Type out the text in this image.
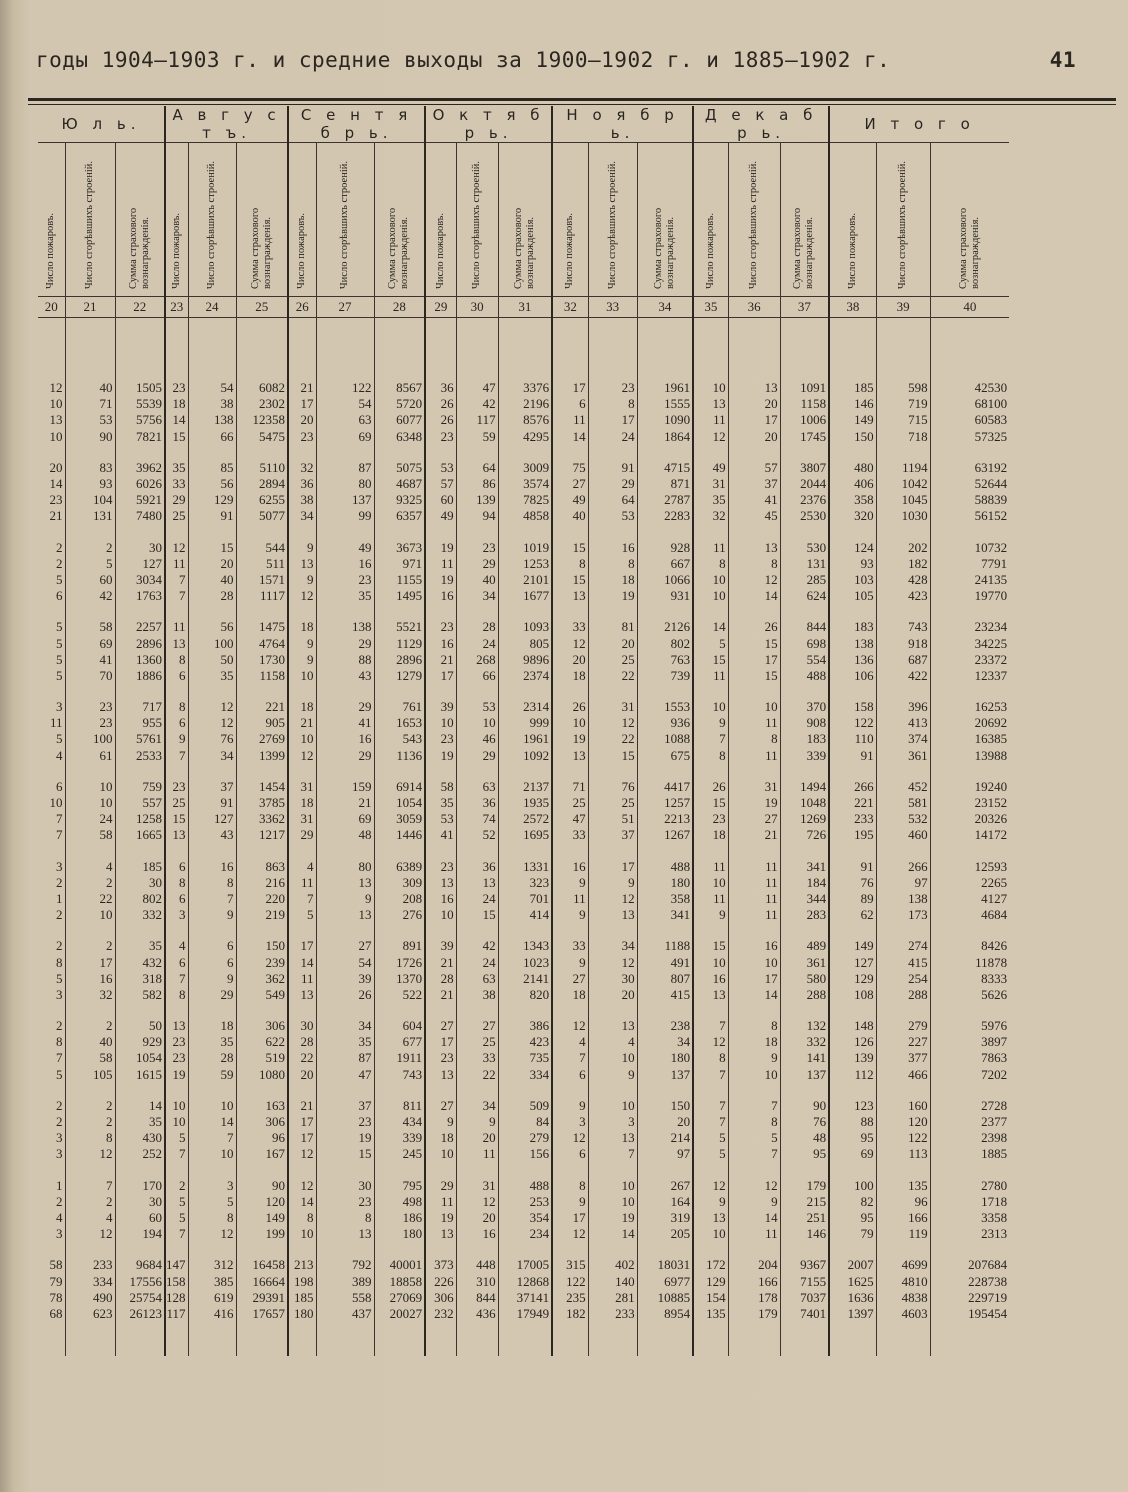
годы 1904—1903 г. и средние выходы за 1900—1902 г. и 1885—1902 г.	41
Ю л ь.			А в г у с т ъ.			С е н т я б р ь.			О к т я б р ь.			Н о я б р ь.			Д е к а б р ь.			И т о г о		
Число пожаровъ.	Число сгорѣвшихъ строеній.	Сумма страхового вознагражденія.	Число пожаровъ.	Число сгорѣвшихъ строеній.	Сумма страхового вознагражденія.	Число пожаровъ.	Число сгорѣвшихъ строеній.	Сумма страхового вознагражденія.	Число пожаровъ.	Число сгорѣвшихъ строеній.	Сумма страхового вознагражденія.	Число пожаровъ.	Число сгорѣвшихъ строеній.	Сумма страхового вознагражденія.	Число пожаровъ.	Число сгорѣвшихъ строеній.	Сумма страхового вознагражденія.	Число пожаровъ.	Число сгорѣвшихъ строеній.	Сумма страхового вознагражденія.
20	21	22	23	24	25	26	27	28	29	30	31	32	33	34	35	36	37	38	39	40

12	40	1505	23	54	6082	21	122	8567	36	47	3376	17	23	1961	10	13	1091	185	598	42530
10	71	5539	18	38	2302	17	54	5720	26	42	2196	6	8	1555	13	20	1158	146	719	68100
13	53	5756	14	138	12358	20	63	6077	26	117	8576	11	17	1090	11	17	1006	149	715	60583
10	90	7821	15	66	5475	23	69	6348	23	59	4295	14	24	1864	12	20	1745	150	718	57325

20	83	3962	35	85	5110	32	87	5075	53	64	3009	75	91	4715	49	57	3807	480	1194	63192
14	93	6026	33	56	2894	36	80	4687	57	86	3574	27	29	871	31	37	2044	406	1042	52644
23	104	5921	29	129	6255	38	137	9325	60	139	7825	49	64	2787	35	41	2376	358	1045	58839
21	131	7480	25	91	5077	34	99	6357	49	94	4858	40	53	2283	32	45	2530	320	1030	56152

2	2	30	12	15	544	9	49	3673	19	23	1019	15	16	928	11	13	530	124	202	10732
2	5	127	11	20	511	13	16	971	11	29	1253	8	8	667	8	8	131	93	182	7791
5	60	3034	7	40	1571	9	23	1155	19	40	2101	15	18	1066	10	12	285	103	428	24135
6	42	1763	7	28	1117	12	35	1495	16	34	1677	13	19	931	10	14	624	105	423	19770

5	58	2257	11	56	1475	18	138	5521	23	28	1093	33	81	2126	14	26	844	183	743	23234
5	69	2896	13	100	4764	9	29	1129	16	24	805	12	20	802	5	15	698	138	918	34225
5	41	1360	8	50	1730	9	88	2896	21	268	9896	20	25	763	15	17	554	136	687	23372
5	70	1886	6	35	1158	10	43	1279	17	66	2374	18	22	739	11	15	488	106	422	12337

3	23	717	8	12	221	18	29	761	39	53	2314	26	31	1553	10	10	370	158	396	16253
11	23	955	6	12	905	21	41	1653	10	10	999	10	12	936	9	11	908	122	413	20692
5	100	5761	9	76	2769	10	16	543	23	46	1961	19	22	1088	7	8	183	110	374	16385
4	61	2533	7	34	1399	12	29	1136	19	29	1092	13	15	675	8	11	339	91	361	13988

6	10	759	23	37	1454	31	159	6914	58	63	2137	71	76	4417	26	31	1494	266	452	19240
10	10	557	25	91	3785	18	21	1054	35	36	1935	25	25	1257	15	19	1048	221	581	23152
7	24	1258	15	127	3362	31	69	3059	53	74	2572	47	51	2213	23	27	1269	233	532	20326
7	58	1665	13	43	1217	29	48	1446	41	52	1695	33	37	1267	18	21	726	195	460	14172

3	4	185	6	16	863	4	80	6389	23	36	1331	16	17	488	11	11	341	91	266	12593
2	2	30	8	8	216	11	13	309	13	13	323	9	9	180	10	11	184	76	97	2265
1	22	802	6	7	220	7	9	208	16	24	701	11	12	358	11	11	344	89	138	4127
2	10	332	3	9	219	5	13	276	10	15	414	9	13	341	9	11	283	62	173	4684

2	2	35	4	6	150	17	27	891	39	42	1343	33	34	1188	15	16	489	149	274	8426
8	17	432	6	6	239	14	54	1726	21	24	1023	9	12	491	10	10	361	127	415	11878
5	16	318	7	9	362	11	39	1370	28	63	2141	27	30	807	16	17	580	129	254	8333
3	32	582	8	29	549	13	26	522	21	38	820	18	20	415	13	14	288	108	288	5626

2	2	50	13	18	306	30	34	604	27	27	386	12	13	238	7	8	132	148	279	5976
8	40	929	23	35	622	28	35	677	17	25	423	4	4	34	12	18	332	126	227	3897
7	58	1054	23	28	519	22	87	1911	23	33	735	7	10	180	8	9	141	139	377	7863
5	105	1615	19	59	1080	20	47	743	13	22	334	6	9	137	7	10	137	112	466	7202

2	2	14	10	10	163	21	37	811	27	34	509	9	10	150	7	7	90	123	160	2728
2	2	35	10	14	306	17	23	434	9	9	84	3	3	20	7	8	76	88	120	2377
3	8	430	5	7	96	17	19	339	18	20	279	12	13	214	5	5	48	95	122	2398
3	12	252	7	10	167	12	15	245	10	11	156	6	7	97	5	7	95	69	113	1885

1	7	170	2	3	90	12	30	795	29	31	488	8	10	267	12	12	179	100	135	2780
2	2	30	5	5	120	14	23	498	11	12	253	9	10	164	9	9	215	82	96	1718
4	4	60	5	8	149	8	8	186	19	20	354	17	19	319	13	14	251	95	166	3358
3	12	194	7	12	199	10	13	180	13	16	234	12	14	205	10	11	146	79	119	2313

58	233	9684	147	312	16458	213	792	40001	373	448	17005	315	402	18031	172	204	9367	2007	4699	207684
79	334	17556	158	385	16664	198	389	18858	226	310	12868	122	140	6977	129	166	7155	1625	4810	228738
78	490	25754	128	619	29391	185	558	27069	306	844	37141	235	281	10885	154	178	7037	1636	4838	229719
68	623	26123	117	416	17657	180	437	20027	232	436	17949	182	233	8954	135	179	7401	1397	4603	195454
